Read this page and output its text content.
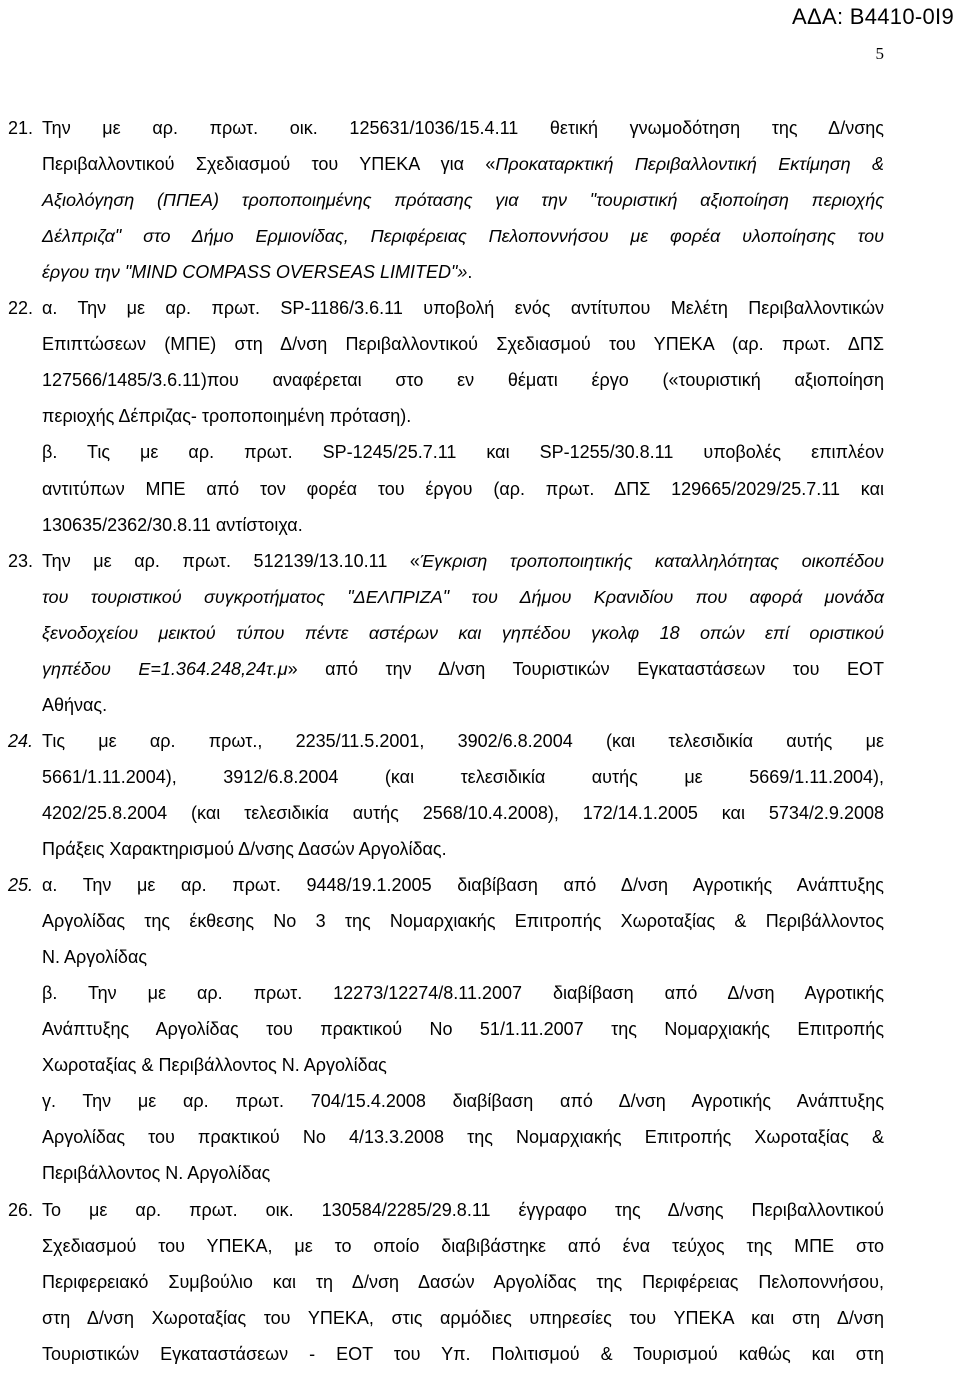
ΑΔΑ: Β4410-0Ι9
5
21. Την με αρ. πρωτ. οικ. 125631/1036/15.4.11 θετική γνωμοδότηση της Δ/νσης
Περιβαλλοντικού Σχεδιασμού του ΥΠΕΚΑ για «Προκαταρκτική Περιβαλλοντική Εκτίμηση &
Αξιολόγηση (ΠΠΕΑ) τροποποιημένης πρότασης για την "τουριστική αξιοποίηση περιοχής
Δέλπριζα" στο Δήμο Ερμιονίδας, Περιφέρειας Πελοποννήσου με φορέα υλοποίησης του
έργου την "MIND COMPASS OVERSEAS LIMITED"».
22. α. Την με αρ. πρωτ. SP-1186/3.6.11 υποβολή ενός αντίτυπου Μελέτη Περιβαλλοντικών
Επιπτώσεων (ΜΠΕ) στη Δ/νση Περιβαλλοντικού Σχεδιασμού του ΥΠΕΚΑ (αρ. πρωτ. ΔΠΣ
127566/1485/3.6.11)που αναφέρεται στο εν θέματι έργο («τουριστική αξιοποίηση
περιοχής Δέπριζας- τροποποιημένη πρόταση).
β. Τις με αρ. πρωτ. SP-1245/25.7.11 και SP-1255/30.8.11 υποβολές επιπλέον
αντιτύπων ΜΠΕ από τον φορέα του έργου (αρ. πρωτ. ΔΠΣ 129665/2029/25.7.11 και
130635/2362/30.8.11 αντίστοιχα.
23. Την με αρ. πρωτ. 512139/13.10.11 «Έγκριση τροποποιητικής καταλληλότητας οικοπέδου
του τουριστικού συγκροτήματος "ΔΕΛΠΡΙΖΑ" του Δήμου Κρανιδίου που αφορά μονάδα
ξενοδοχείου μεικτού τύπου πέντε αστέρων και γηπέδου γκολφ 18 οπών επί οριστικού
γηπέδου Ε=1.364.248,24τ.μ» από την Δ/νση Τουριστικών Εγκαταστάσεων του ΕΟΤ
Αθήνας.
24. Τις με αρ. πρωτ., 2235/11.5.2001, 3902/6.8.2004 (και τελεσιδικία αυτής με
5661/1.11.2004), 3912/6.8.2004 (και τελεσιδικία αυτής με 5669/1.11.2004),
4202/25.8.2004 (και τελεσιδικία αυτής 2568/10.4.2008), 172/14.1.2005 και 5734/2.9.2008
Πράξεις Χαρακτηρισμού Δ/νσης Δασών Αργολίδας.
25. α. Την με αρ. πρωτ. 9448/19.1.2005 διαβίβαση από Δ/νση Αγροτικής Ανάπτυξης
Αργολίδας της έκθεσης Νο 3 της Νομαρχιακής Επιτροπής Χωροταξίας & Περιβάλλοντος
Ν. Αργολίδας
β. Την με αρ. πρωτ. 12273/12274/8.11.2007 διαβίβαση από Δ/νση Αγροτικής
Ανάπτυξης Αργολίδας του πρακτικού Νο 51/1.11.2007 της Νομαρχιακής Επιτροπής
Χωροταξίας & Περιβάλλοντος Ν. Αργολίδας
γ. Την με αρ. πρωτ. 704/15.4.2008 διαβίβαση από Δ/νση Αγροτικής Ανάπτυξης
Αργολίδας του πρακτικού Νο 4/13.3.2008 της Νομαρχιακής Επιτροπής Χωροταξίας &
Περιβάλλοντος Ν. Αργολίδας
26. Το με αρ. πρωτ. οικ. 130584/2285/29.8.11 έγγραφο της Δ/νσης Περιβαλλοντικού
Σχεδιασμού του ΥΠΕΚΑ, με το οποίο διαβιβάστηκε από ένα τεύχος της ΜΠΕ στο
Περιφερειακό Συμβούλιο και τη Δ/νση Δασών Αργολίδας της Περιφέρειας Πελοποννήσου,
στη Δ/νση Χωροταξίας του ΥΠΕΚΑ, στις αρμόδιες υπηρεσίες του ΥΠΕΚΑ και στη Δ/νση
Τουριστικών Εγκαταστάσεων - ΕΟΤ του Υπ. Πολιτισμού & Τουρισμού καθώς και στη
